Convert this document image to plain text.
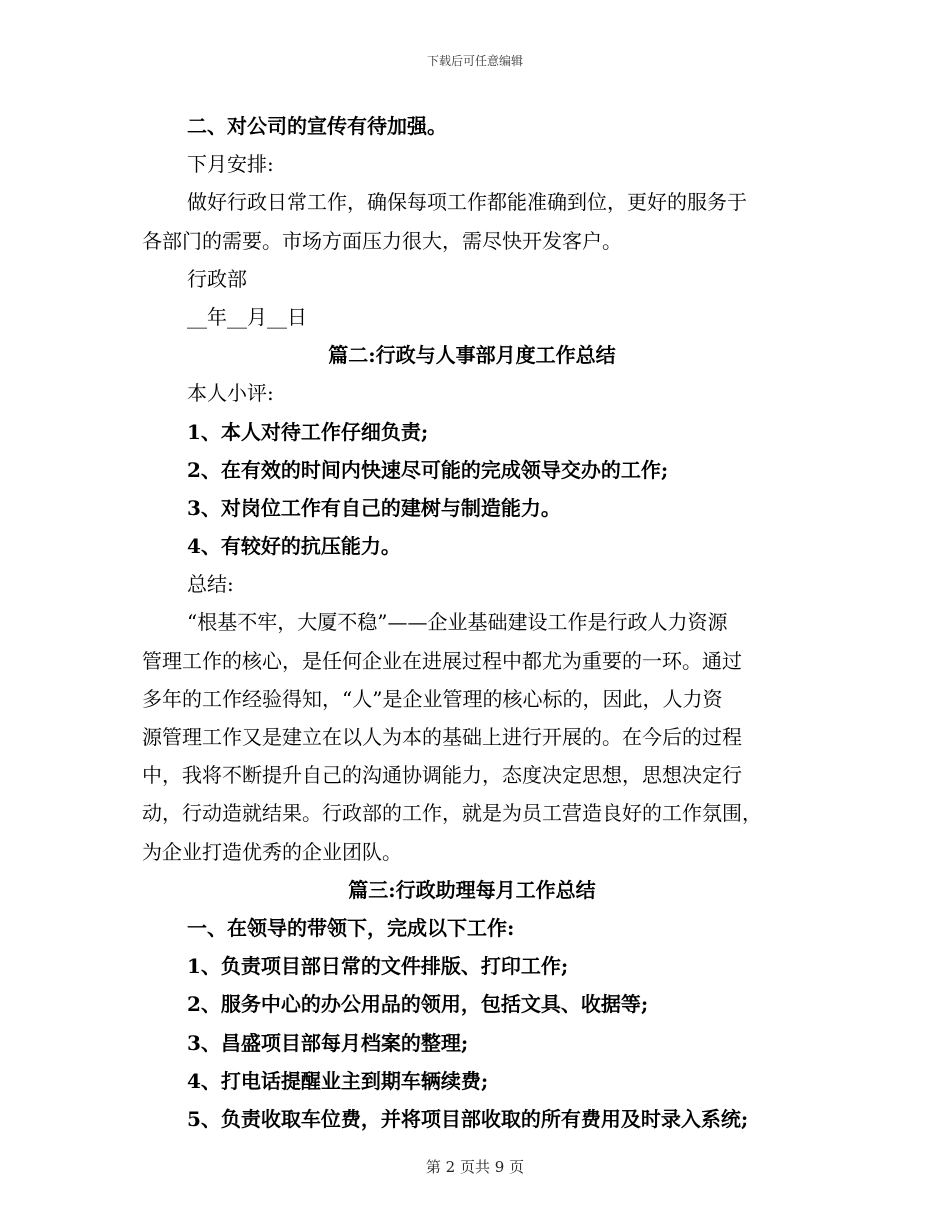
下载后可任意编辑
二、对公司的宣传有待加强。
下月安排:
做好行政日常工作，确保每项工作都能准确到位，更好的服务于
各部门的需要。市场方面压力很大，需尽快开发客户。
行政部
__年__月__日
篇二:行政与人事部月度工作总结
本人小评:
1、本人对待工作仔细负责;
2、在有效的时间内快速尽可能的完成领导交办的工作;
3、对岗位工作有自己的建树与制造能力。
4、有较好的抗压能力。
总结:
“根基不牢，大厦不稳”——企业基础建设工作是行政人力资源
管理工作的核心，是任何企业在进展过程中都尤为重要的一环。通过
多年的工作经验得知，“人”是企业管理的核心标的，因此，人力资
源管理工作又是建立在以人为本的基础上进行开展的。在今后的过程
中，我将不断提升自己的沟通协调能力，态度决定思想，思想决定行
动，行动造就结果。行政部的工作，就是为员工营造良好的工作氛围，
为企业打造优秀的企业团队。
篇三:行政助理每月工作总结
一、在领导的带领下，完成以下工作:
1、负责项目部日常的文件排版、打印工作;
2、服务中心的办公用品的领用，包括文具、收据等;
3、昌盛项目部每月档案的整理;
4、打电话提醒业主到期车辆续费;
5、负责收取车位费，并将项目部收取的所有费用及时录入系统;
第 2 页共 9 页
